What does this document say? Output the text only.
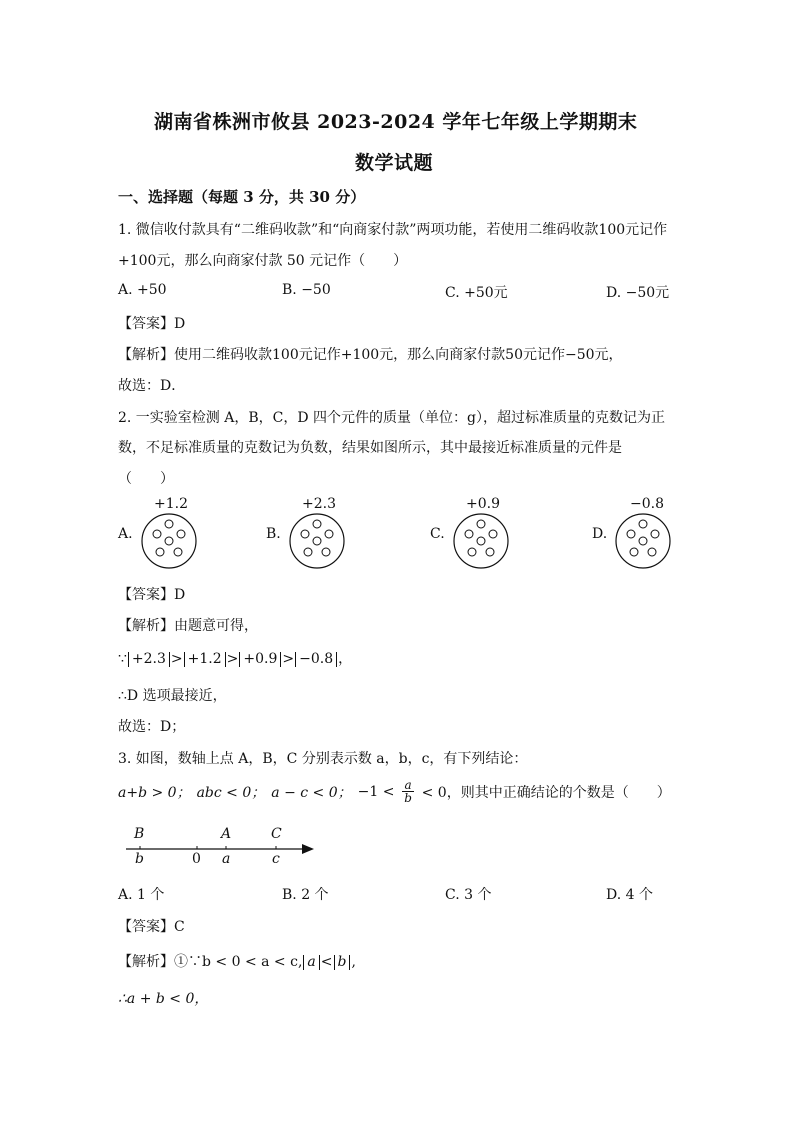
湖南省株洲市攸县 2023-2024 学年七年级上学期期末
数学试题
一、选择题（每题 3 分，共 30 分）
1. 微信收付款具有“二维码收款”和“向商家付款”两项功能，若使用二维码收款100元记作
+100元，那么向商家付款 50 元记作（　　）
A. +50	B. −50	C. +50元	D. −50元
【答案】D
【解析】使用二维码收款100元记作+100元，那么向商家付款50元记作−50元，
故选：D．
2. 一实验室检测 A，B，C，D 四个元件的质量（单位：g），超过标准质量的克数记为正
数，不足标准质量的克数记为负数，结果如图所示，其中最接近标准质量的元件是
（　　）
A.
+1.2
B.
+2.3
C.
+0.9
D.
−0.8
【答案】D
【解析】由题意可得，
∵ +2.3 > +1.2 > +0.9 > −0.8 ，
∴D 选项最接近，
故选：D；
3. 如图，数轴上点 A，B，C 分别表示数 a，b，c，有下列结论：
a+b > 0； abc < 0； a − c < 0； $-1 < \frac{a}{b} < 0$，则其中正确结论的个数是（　　）
B	A	C
b	0 a	c
A. 1 个	B. 2 个	C. 3 个	D. 4 个
【答案】C
【解析】①∵b < 0 < a < c, a < b ,
∴a + b < 0，
